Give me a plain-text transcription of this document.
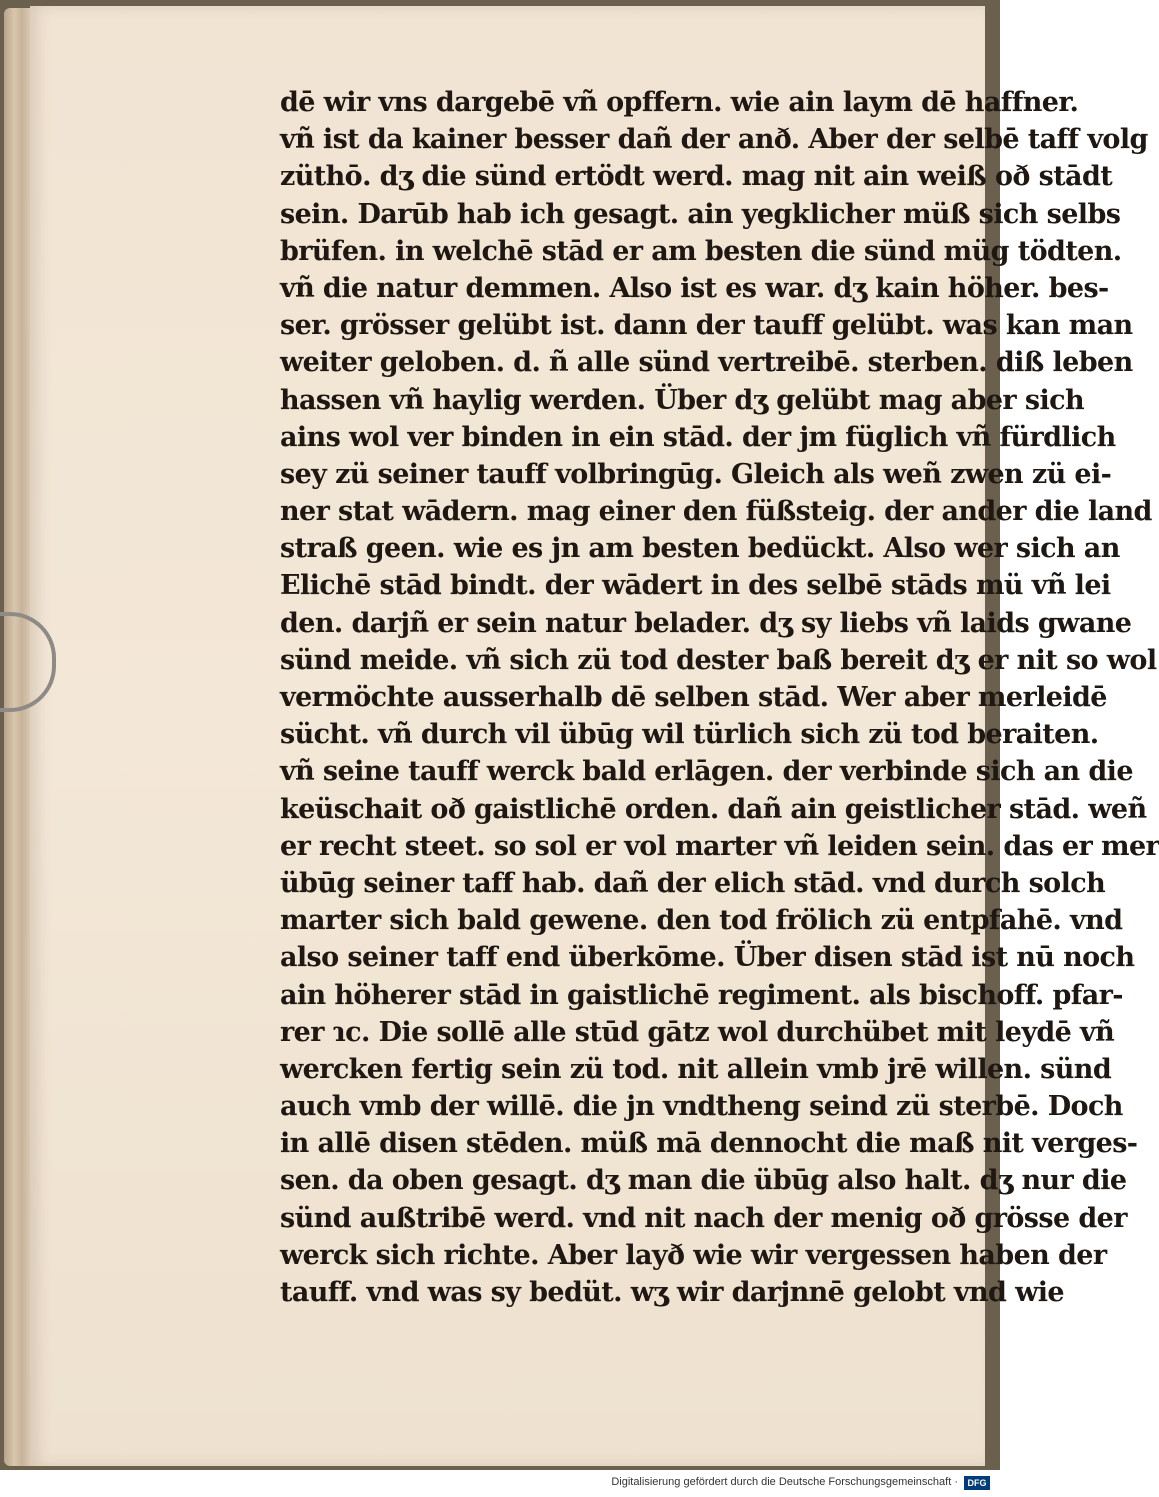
dē wir vns dargebē vñ opffern. wie ain laym dē haffner.
vñ ist da kainer besser dañ der anð. Aber der selbē taff volg
züthō. dʒ die sünd ertödt werd. mag nit ain weiß oð stādt
sein. Darūb hab ich gesagt. ain yegklicher müß sich selbs
brüfen. in welchē stād er am besten die sünd müg tödten.
vñ die natur demmen. Also ist es war. dʒ kain höher. bes-
ser. grösser gelübt ist. dann der tauff gelübt. was kan man
weiter geloben. d. ñ alle sünd vertreibē. sterben. diß leben
hassen vñ haylig werden. Über dʒ gelübt mag aber sich
ains wol ver binden in ein stād. der jm füglich vñ fürdlich
sey zü seiner tauff volbringūg. Gleich als weñ zwen zü ei-
ner stat wādern. mag einer den füßsteig. der ander die land
straß geen. wie es jn am besten bedückt. Also wer sich an
Elichē stād bindt. der wādert in des selbē stāds mü vñ lei
den. darjñ er sein natur belader. dʒ sy liebs vñ laids gwane
sünd meide. vñ sich zü tod dester baß bereit dʒ er nit so wol
vermöchte ausserhalb dē selben stād. Wer aber merleidē
sücht. vñ durch vil übūg wil türlich sich zü tod beraiten.
vñ seine tauff werck bald erlāgen. der verbinde sich an die
keüschait oð gaistlichē orden. dañ ain geistlicher stād. weñ
er recht steet. so sol er vol marter vñ leiden sein. das er mer
übūg seiner taff hab. dañ der elich stād. vnd durch solch
marter sich bald gewene. den tod frölich zü entpfahē. vnd
also seiner taff end überkōme. Über disen stād ist nū noch
ain höherer stād in gaistlichē regiment. als bischoff. pfar-
rer ɿc. Die sollē alle stūd gātz wol durchübet mit leydē vñ
wercken fertig sein zü tod. nit allein vmb jrē willen. sünd
auch vmb der willē. die jn vndtheng seind zü sterbē. Doch
in allē disen stēden. müß mā dennocht die maß nit verges-
sen. da oben gesagt. dʒ man die übūg also halt. dʒ nur die
sünd außtribē werd. vnd nit nach der menig oð grösse der
werck sich richte. Aber layð wie wir vergessen haben der
tauff. vnd was sy bedüt. wʒ wir darjnnē gelobt vnd wie
Digitalisierung gefördert durch die Deutsche Forschungsgemeinschaft ·	DFG
